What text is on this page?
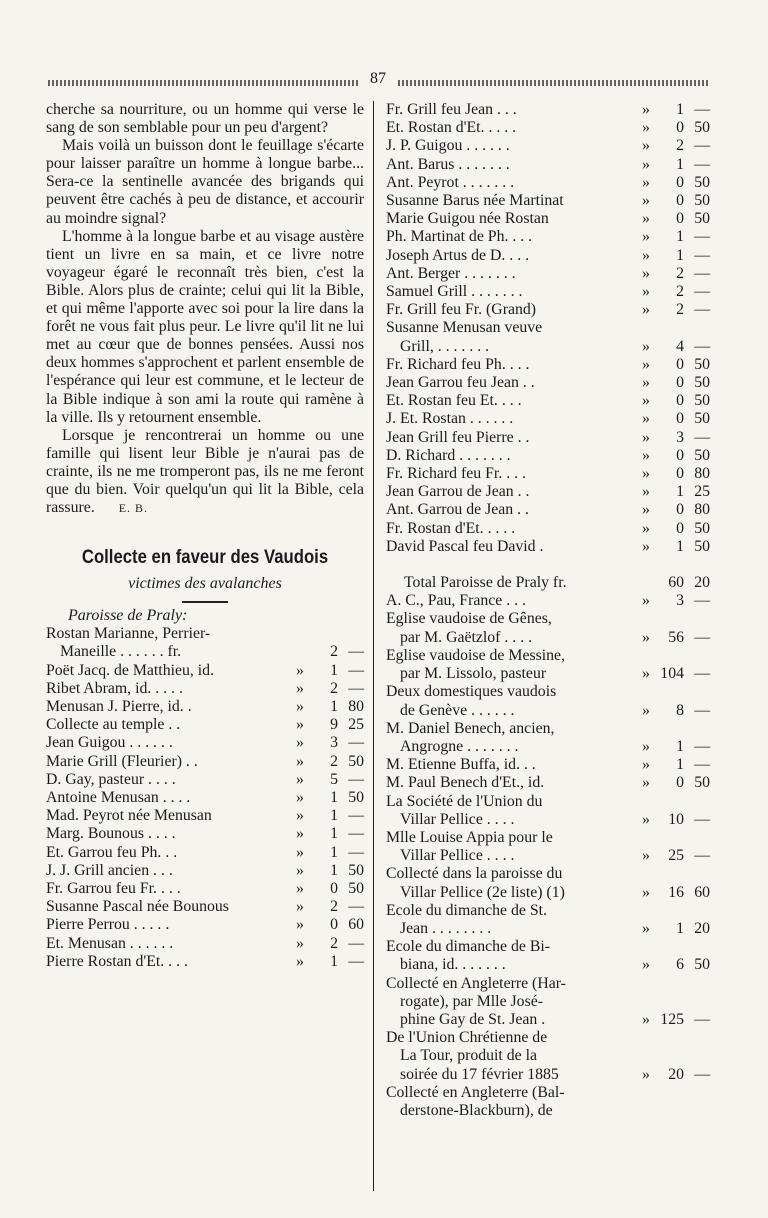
87

cherche sa nourriture, ou un homme qui verse le sang de son semblable pour un peu d'argent?

Mais voilà un buisson dont le feuillage s'écarte pour laisser paraître un homme à longue barbe... Sera-ce la sentinelle avancée des brigands qui peuvent être cachés à peu de distance, et accourir au moindre signal?

L'homme à la longue barbe et au visage austère tient un livre en sa main, et ce livre notre voyageur égaré le reconnaît très bien, c'est la Bible. Alors plus de crainte; celui qui lit la Bible, et qui même l'apporte avec soi pour la lire dans la forêt ne vous fait plus peur. Le livre qu'il lit ne lui met au cœur que de bonnes pensées. Aussi nos deux hommes s'approchent et parlent ensemble de l'espérance qui leur est commune, et le lecteur de la Bible indique à son ami la route qui ramène à la ville. Ils y retournent ensemble.

Lorsque je rencontrerai un homme ou une famille qui lisent leur Bible je n'aurai pas de crainte, ils ne me tromperont pas, ils ne me feront que du bien. Voir quelqu'un qui lit la Bible, cela rassure. E. B.

Collecte en faveur des Vaudois
victimes des avalanches
Paroisse de Praly:
Rostan Marianne, Perrier-
Maneille . . . . . . fr.	2 —
Poët Jacq. de Matthieu, id.	»	1 —
Ribet Abram, id. . . . .	»	2 —
Menusan J. Pierre, id. .	»	1 80
Collecte au temple . .	»	9 25
Jean Guigou . . . . . .	»	3 —
Marie Grill (Fleurier) . .	»	2 50
D. Gay, pasteur . . . .	»	5 —
Antoine Menusan . . . .	»	1 50
Mad. Peyrot née Menusan	»	1 —
Marg. Bounous . . . .	»	1 —
Et. Garrou feu Ph. . .	»	1 —
J. J. Grill ancien . . .	»	1 50
Fr. Garrou feu Fr. . . .	»	0 50
Susanne Pascal née Bounous	»	2 —
Pierre Perrou . . . . .	»	0 60
Et. Menusan . . . . . .	»	2 —
Pierre Rostan d'Et. . . .	»	1 —
Fr. Grill feu Jean . . .	»	1 —
Et. Rostan d'Et. . . . .	»	0 50
J. P. Guigou . . . . . .	»	2 —
Ant. Barus . . . . . . .	»	1 —
Ant. Peyrot . . . . . . .	»	0 50
Susanne Barus née Martinat	»	0 50
Marie Guigou née Rostan	»	0 50
Ph. Martinat de Ph. . . .	»	1 —
Joseph Artus de D. . . .	»	1 —
Ant. Berger . . . . . . .	»	2 —
Samuel Grill . . . . . . .	»	2 —
Fr. Grill feu Fr. (Grand)	»	2 —
Susanne Menusan veuve
Grill, . . . . . . .	»	4 —
Fr. Richard feu Ph. . . .	»	0 50
Jean Garrou feu Jean . .	»	0 50
Et. Rostan feu Et. . . .	»	0 50
J. Et. Rostan . . . . . .	»	0 50
Jean Grill feu Pierre . .	»	3 —
D. Richard . . . . . . .	»	0 50
Fr. Richard feu Fr. . . .	»	0 80
Jean Garrou de Jean . .	»	1 25
Ant. Garrou de Jean . .	»	0 80
Fr. Rostan d'Et. . . . .	»	0 50
David Pascal feu David .	»	1 50
Total Paroisse de Praly fr.	60 20
A. C., Pau, France . . .	»	3 —
Eglise vaudoise de Gênes,
par M. Gaëtzlof . . . .	»	56 —
Eglise vaudoise de Messine,
par M. Lissolo, pasteur	» 104 —
Deux domestiques vaudois
de Genève . . . . . .	»	8 —
M. Daniel Benech, ancien,
Angrogne . . . . . . .	»	1 —
M. Etienne Buffa, id. . .	»	1 —
M. Paul Benech d'Et., id.	»	0 50
La Société de l'Union du
Villar Pellice . . . .	»	10 —
Mlle Louise Appia pour le
Villar Pellice . . . .	»	25 —
Collecté dans la paroisse du
Villar Pellice (2e liste) (1)	»	16 60
Ecole du dimanche de St.
Jean . . . . . . . .	»	1 20
Ecole du dimanche de Bi-
biana, id. . . . . . .	»	6 50
Collecté en Angleterre (Har-
rogate), par Mlle José-
phine Gay de St. Jean .	» 125 —
De l'Union Chrétienne de
La Tour, produit de la
soirée du 17 février 1885	»	20 —
Collecté en Angleterre (Bal-
derstone-Blackburn), de
